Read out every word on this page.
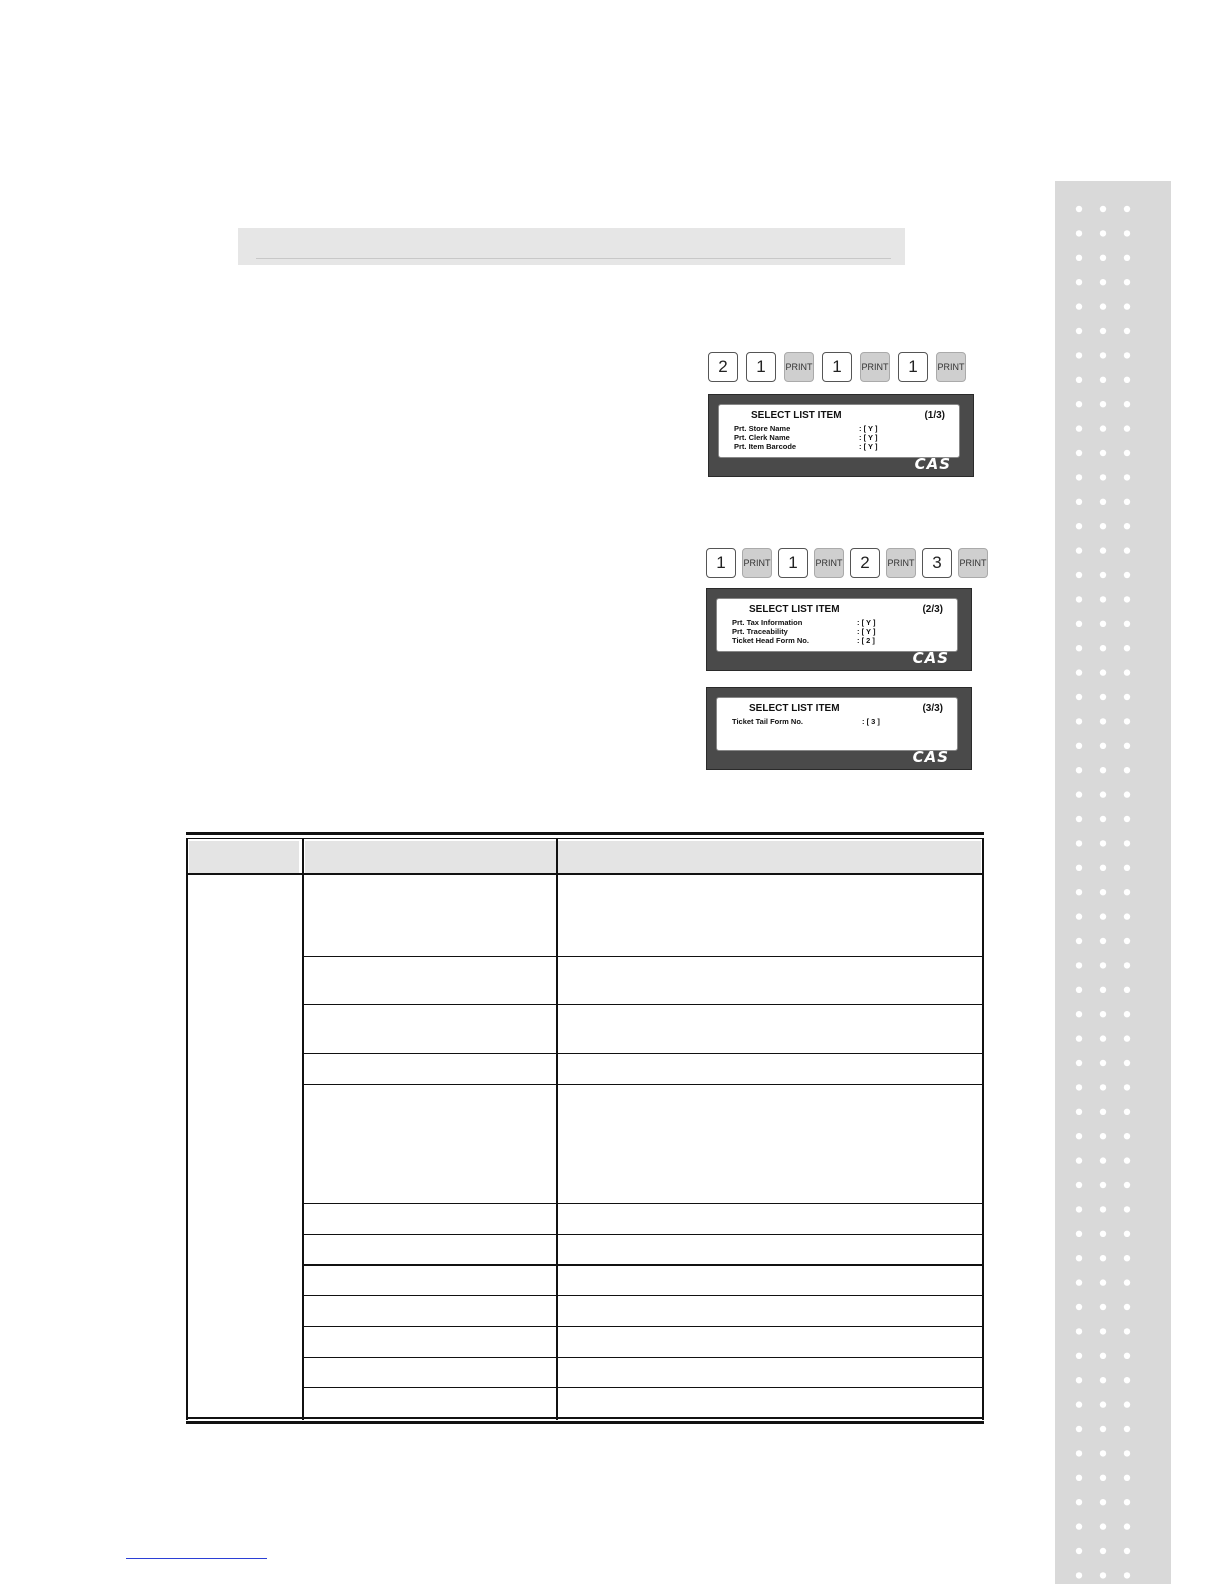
2	1	PRINT	1	PRINT	1	PRINT
SELECT LIST ITEM	(1/3)
Prt. Store Name	: [ Y ]
Prt. Clerk Name	: [ Y ]
Prt. Item Barcode	: [ Y ]
CAS
1	PRINT	1	PRINT	2	PRINT	3	PRINT
SELECT LIST ITEM	(2/3)
Prt. Tax Information	: [ Y ]
Prt. Traceability	: [ Y ]
Ticket Head Form No.	: [ 2 ]
CAS
SELECT LIST ITEM	(3/3)
Ticket Tail Form No.	: [ 3 ]
CAS
